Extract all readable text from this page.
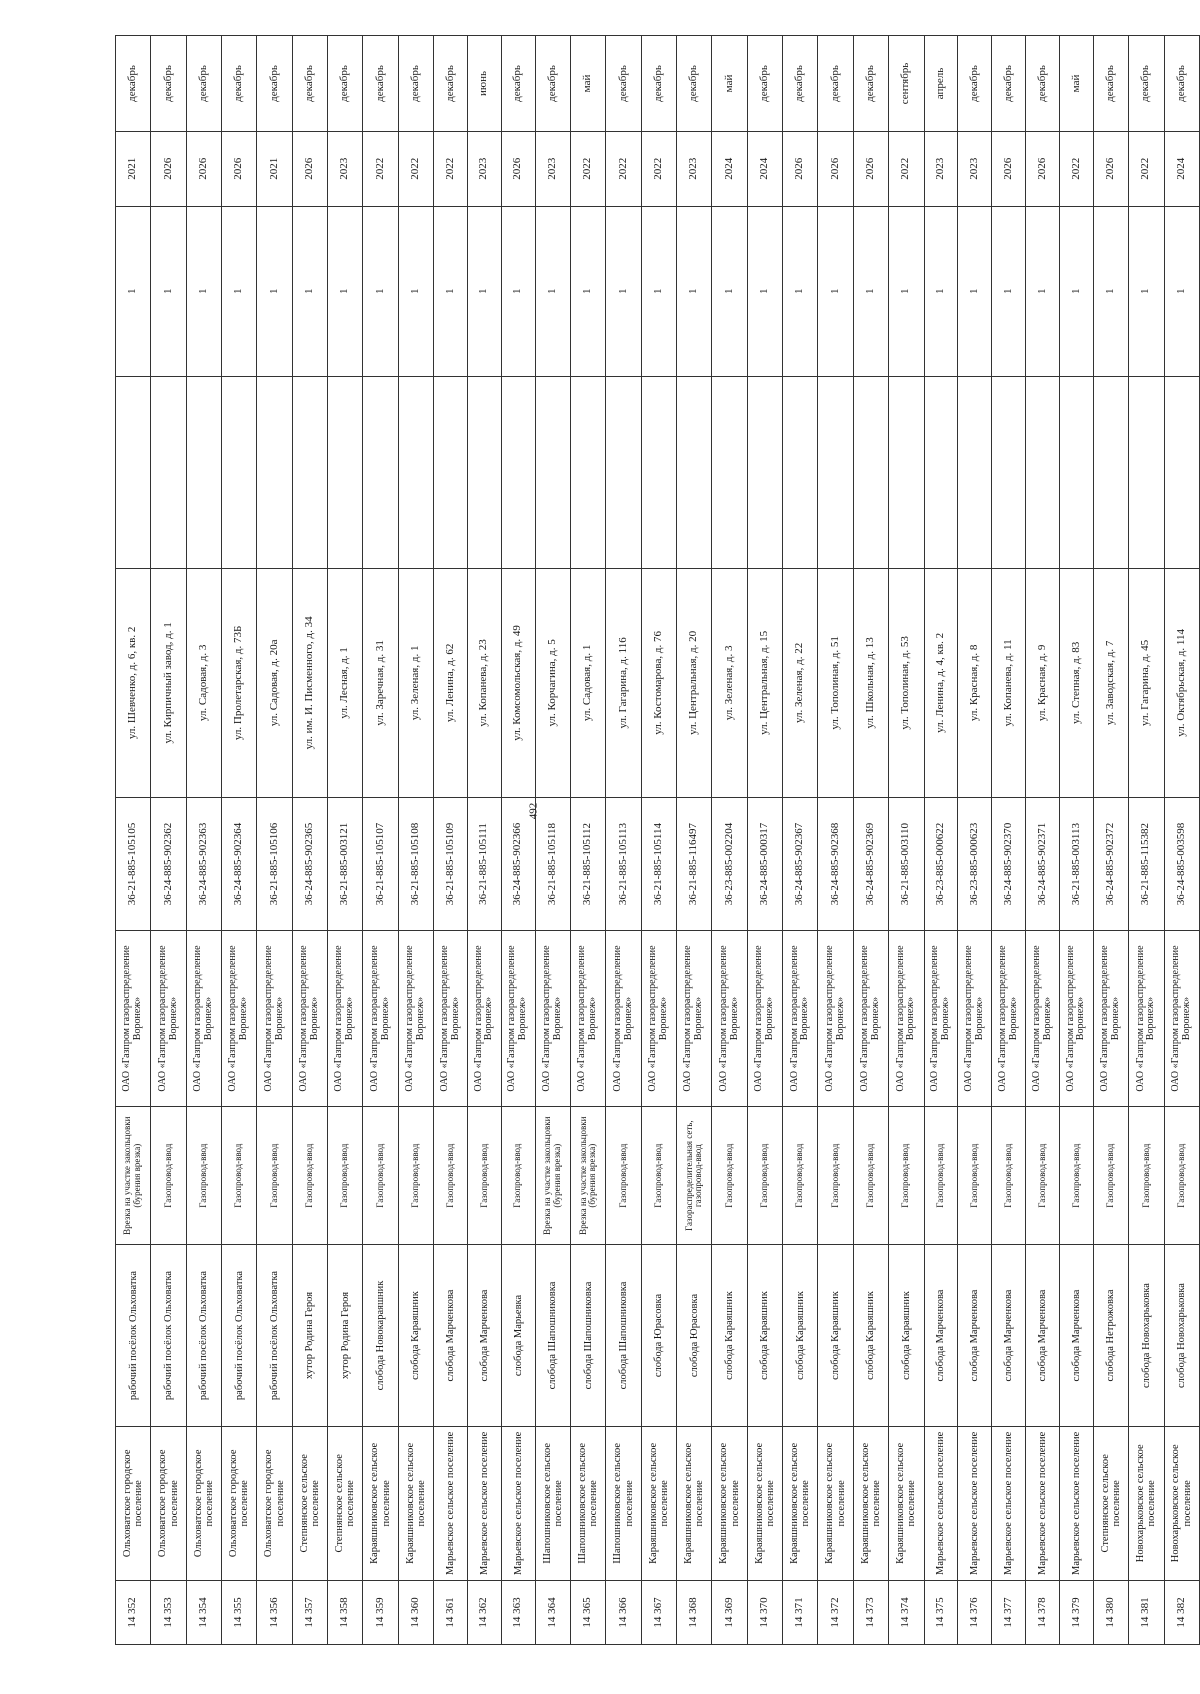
492
14 352	Ольховатское городское поселение	рабочий посёлок Ольховатка	Врезка на участке закольцовки (бурения врезка)	ОАО «Газпром газораспределение Воронеж»	36-21-885-105105	ул. Шевченко, д. 6, кв. 2		1	2021	декабрь
14 353	Ольховатское городское поселение	рабочий посёлок Ольховатка	Газопровод-ввод	ОАО «Газпром газораспределение Воронеж»	36-24-885-902362	ул. Кирпичный завод, д. 1		1	2026	декабрь
14 354	Ольховатское городское поселение	рабочий посёлок Ольховатка	Газопровод-ввод	ОАО «Газпром газораспределение Воронеж»	36-24-885-902363	ул. Садовая, д. 3		1	2026	декабрь
14 355	Ольховатское городское поселение	рабочий посёлок Ольховатка	Газопровод-ввод	ОАО «Газпром газораспределение Воронеж»	36-24-885-902364	ул. Пролетарская, д. 73Б		1	2026	декабрь
14 356	Ольховатское городское поселение	рабочий посёлок Ольховатка	Газопровод-ввод	ОАО «Газпром газораспределение Воронеж»	36-21-885-105106	ул. Садовая, д. 20а		1	2021	декабрь
14 357	Степнянское сельское поселение	хутор Родина Героя	Газопровод-ввод	ОАО «Газпром газораспределение Воронеж»	36-24-885-902365	ул. им. И. Писменного, д. 34		1	2026	декабрь
14 358	Степнянское сельское поселение	хутор Родина Героя	Газопровод-ввод	ОАО «Газпром газораспределение Воронеж»	36-21-885-003121	ул. Лесная, д. 1		1	2023	декабрь
14 359	Караяшниковское сельское поселение	слобода Новокараяшник	Газопровод-ввод	ОАО «Газпром газораспределение Воронеж»	36-21-885-105107	ул. Заречная, д. 31		1	2022	декабрь
14 360	Караяшниковское сельское поселение	слобода Караяшник	Газопровод-ввод	ОАО «Газпром газораспределение Воронеж»	36-21-885-105108	ул. Зеленая, д. 1		1	2022	декабрь
14 361	Марьевское сельское поселение	слобода Марченкова	Газопровод-ввод	ОАО «Газпром газораспределение Воронеж»	36-21-885-105109	ул. Ленина, д. 62		1	2022	декабрь
14 362	Марьевское сельское поселение	слобода Марченкова	Газопровод-ввод	ОАО «Газпром газораспределение Воронеж»	36-21-885-105111	ул. Копанева, д. 23		1	2023	июнь
14 363	Марьевское сельское поселение	слобода Марьевка	Газопровод-ввод	ОАО «Газпром газораспределение Воронеж»	36-24-885-902366	ул. Комсомольская, д. 49		1	2026	декабрь
14 364	Шапошниковское сельское поселение	слобода Шапошниковка	Врезка на участке закольцовки (бурения врезка)	ОАО «Газпром газораспределение Воронеж»	36-21-885-105118	ул. Корчагина, д. 5		1	2023	декабрь
14 365	Шапошниковское сельское поселение	слобода Шапошниковка	Врезка на участке закольцовки (бурения врезка)	ОАО «Газпром газораспределение Воронеж»	36-21-885-105112	ул. Садовая, д. 1		1	2022	май
14 366	Шапошниковское сельское поселение	слобода Шапошниковка	Газопровод-ввод	ОАО «Газпром газораспределение Воронеж»	36-21-885-105113	ул. Гагарина, д. 116		1	2022	декабрь
14 367	Караяшниковское сельское поселение	слобода Юрасовка	Газопровод-ввод	ОАО «Газпром газораспределение Воронеж»	36-21-885-105114	ул. Костомарова, д. 76		1	2022	декабрь
14 368	Караяшниковское сельское поселение	слобода Юрасовка	Газораспределительная сеть, газопровод-ввод	ОАО «Газпром газораспределение Воронеж»	36-21-885-116497	ул. Центральная, д. 20		1	2023	декабрь
14 369	Караяшниковское сельское поселение	слобода Караяшник	Газопровод-ввод	ОАО «Газпром газораспределение Воронеж»	36-23-885-002204	ул. Зеленая, д. 3		1	2024	май
14 370	Караяшниковское сельское поселение	слобода Караяшник	Газопровод-ввод	ОАО «Газпром газораспределение Воронеж»	36-24-885-000317	ул. Центральная, д. 15		1	2024	декабрь
14 371	Караяшниковское сельское поселение	слобода Караяшник	Газопровод-ввод	ОАО «Газпром газораспределение Воронеж»	36-24-885-902367	ул. Зеленая, д. 22		1	2026	декабрь
14 372	Караяшниковское сельское поселение	слобода Караяшник	Газопровод-ввод	ОАО «Газпром газораспределение Воронеж»	36-24-885-902368	ул. Тополиная, д. 51		1	2026	декабрь
14 373	Караяшниковское сельское поселение	слобода Караяшник	Газопровод-ввод	ОАО «Газпром газораспределение Воронеж»	36-24-885-902369	ул. Школьная, д. 13		1	2026	декабрь
14 374	Караяшниковское сельское поселение	слобода Караяшник	Газопровод-ввод	ОАО «Газпром газораспределение Воронеж»	36-21-885-003110	ул. Тополиная, д. 53		1	2022	сентябрь
14 375	Марьевское сельское поселение	слобода Марченкова	Газопровод-ввод	ОАО «Газпром газораспределение Воронеж»	36-23-885-000622	ул. Ленина, д. 4, кв. 2		1	2023	апрель
14 376	Марьевское сельское поселение	слобода Марченкова	Газопровод-ввод	ОАО «Газпром газораспределение Воронеж»	36-23-885-000623	ул. Красная, д. 8		1	2023	декабрь
14 377	Марьевское сельское поселение	слобода Марченкова	Газопровод-ввод	ОАО «Газпром газораспределение Воронеж»	36-24-885-902370	ул. Копанева, д. 11		1	2026	декабрь
14 378	Марьевское сельское поселение	слобода Марченкова	Газопровод-ввод	ОАО «Газпром газораспределение Воронеж»	36-24-885-902371	ул. Красная, д. 9		1	2026	декабрь
14 379	Марьевское сельское поселение	слобода Марченкова	Газопровод-ввод	ОАО «Газпром газораспределение Воронеж»	36-21-885-003113	ул. Степная, д. 83		1	2022	май
14 380	Степнянское сельское поселение	слобода Нетрожовка	Газопровод-ввод	ОАО «Газпром газораспределение Воронеж»	36-24-885-902372	ул. Заводская, д. 7		1	2026	декабрь
14 381	Новохарьковское сельское поселение	слобода Новохарьковка	Газопровод-ввод	ОАО «Газпром газораспределение Воронеж»	36-21-885-115382	ул. Гагарина, д. 45		1	2022	декабрь
14 382	Новохарьковское сельское поселение	слобода Новохарьковка	Газопровод-ввод	ОАО «Газпром газораспределение Воронеж»	36-24-885-003598	ул. Октябрьская, д. 114		1	2024	декабрь
